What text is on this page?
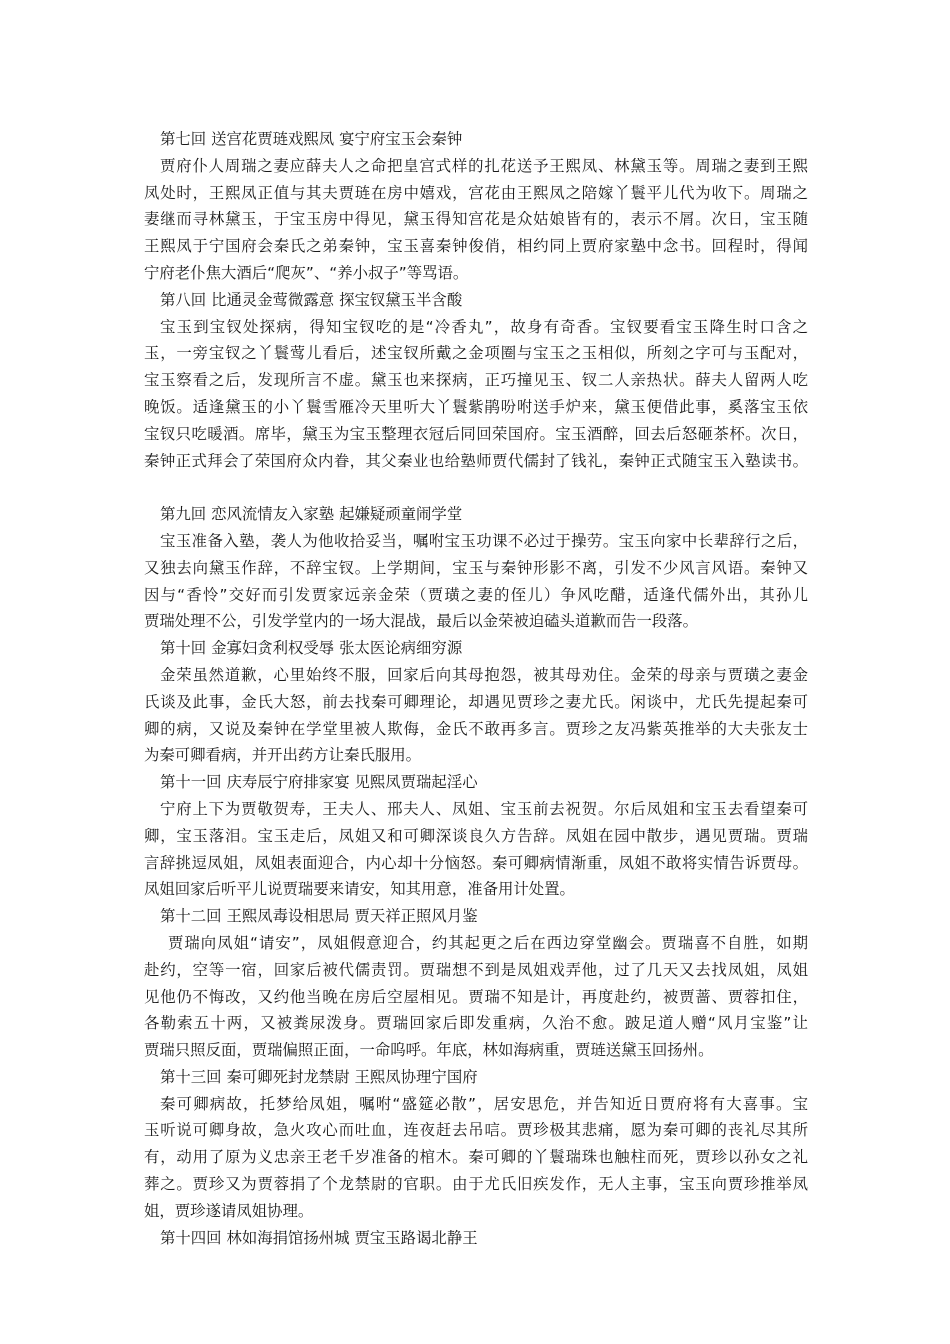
第七回 送宫花贾琏戏熙凤 宴宁府宝玉会秦钟
贾府仆人周瑞之妻应薛夫人之命把皇宫式样的扎花送予王熙凤、林黛玉等。周瑞之妻到王熙
凤处时，王熙凤正值与其夫贾琏在房中嬉戏，宫花由王熙凤之陪嫁丫鬟平儿代为收下。周瑞之
妻继而寻林黛玉，于宝玉房中得见，黛玉得知宫花是众姑娘皆有的，表示不屑。次日，宝玉随
王熙凤于宁国府会秦氏之弟秦钟，宝玉喜秦钟俊俏，相约同上贾府家塾中念书。回程时，得闻
宁府老仆焦大酒后“爬灰”、“养小叔子”等骂语。
第八回 比通灵金莺微露意 探宝钗黛玉半含酸
宝玉到宝钗处探病，得知宝钗吃的是“冷香丸”，故身有奇香。宝钗要看宝玉降生时口含之
玉，一旁宝钗之丫鬟莺儿看后，述宝钗所戴之金项圈与宝玉之玉相似，所刻之字可与玉配对，
宝玉察看之后，发现所言不虚。黛玉也来探病，正巧撞见玉、钗二人亲热状。薛夫人留两人吃
晚饭。适逢黛玉的小丫鬟雪雁冷天里听大丫鬟紫鹃吩咐送手炉来，黛玉便借此事，奚落宝玉依
宝钗只吃暖酒。席毕，黛玉为宝玉整理衣冠后同回荣国府。宝玉酒醉，回去后怒砸茶杯。次日，
秦钟正式拜会了荣国府众内眷，其父秦业也给塾师贾代儒封了钱礼，秦钟正式随宝玉入塾读书。
第九回 恋风流情友入家塾 起嫌疑顽童闹学堂
宝玉准备入塾，袭人为他收拾妥当，嘱咐宝玉功课不必过于操劳。宝玉向家中长辈辞行之后，
又独去向黛玉作辞，不辞宝钗。上学期间，宝玉与秦钟形影不离，引发不少风言风语。秦钟又
因与“香怜”交好而引发贾家远亲金荣（贾璜之妻的侄儿）争风吃醋，适逢代儒外出，其孙儿
贾瑞处理不公，引发学堂内的一场大混战，最后以金荣被迫磕头道歉而告一段落。
第十回 金寡妇贪利权受辱 张太医论病细穷源
金荣虽然道歉，心里始终不服，回家后向其母抱怨，被其母劝住。金荣的母亲与贾璜之妻金
氏谈及此事，金氏大怒，前去找秦可卿理论，却遇见贾珍之妻尤氏。闲谈中，尤氏先提起秦可
卿的病，又说及秦钟在学堂里被人欺侮，金氏不敢再多言。贾珍之友冯紫英推举的大夫张友士
为秦可卿看病，并开出药方让秦氏服用。
第十一回 庆寿辰宁府排家宴 见熙凤贾瑞起淫心
宁府上下为贾敬贺寿，王夫人、邢夫人、凤姐、宝玉前去祝贺。尔后凤姐和宝玉去看望秦可
卿，宝玉落泪。宝玉走后，凤姐又和可卿深谈良久方告辞。凤姐在园中散步，遇见贾瑞。贾瑞
言辞挑逗凤姐，凤姐表面迎合，内心却十分恼怒。秦可卿病情渐重，凤姐不敢将实情告诉贾母。
凤姐回家后听平儿说贾瑞要来请安，知其用意，准备用计处置。
第十二回 王熙凤毒设相思局 贾天祥正照风月鉴
贾瑞向凤姐“请安”，凤姐假意迎合，约其起更之后在西边穿堂幽会。贾瑞喜不自胜，如期
赴约，空等一宿，回家后被代儒责罚。贾瑞想不到是凤姐戏弄他，过了几天又去找凤姐，凤姐
见他仍不悔改，又约他当晚在房后空屋相见。贾瑞不知是计，再度赴约，被贾蔷、贾蓉扣住，
各勒索五十两，又被粪尿泼身。贾瑞回家后即发重病，久治不愈。跛足道人赠“风月宝鉴”让
贾瑞只照反面，贾瑞偏照正面，一命呜呼。年底，林如海病重，贾琏送黛玉回扬州。
第十三回 秦可卿死封龙禁尉 王熙凤协理宁国府
秦可卿病故，托梦给凤姐，嘱咐“盛筵必散”，居安思危，并告知近日贾府将有大喜事。宝
玉听说可卿身故，急火攻心而吐血，连夜赶去吊唁。贾珍极其悲痛，愿为秦可卿的丧礼尽其所
有，动用了原为义忠亲王老千岁准备的棺木。秦可卿的丫鬟瑞珠也触柱而死，贾珍以孙女之礼
葬之。贾珍又为贾蓉捐了个龙禁尉的官职。由于尤氏旧疾发作，无人主事，宝玉向贾珍推举凤
姐，贾珍遂请凤姐协理。
第十四回 林如海捐馆扬州城 贾宝玉路谒北静王
